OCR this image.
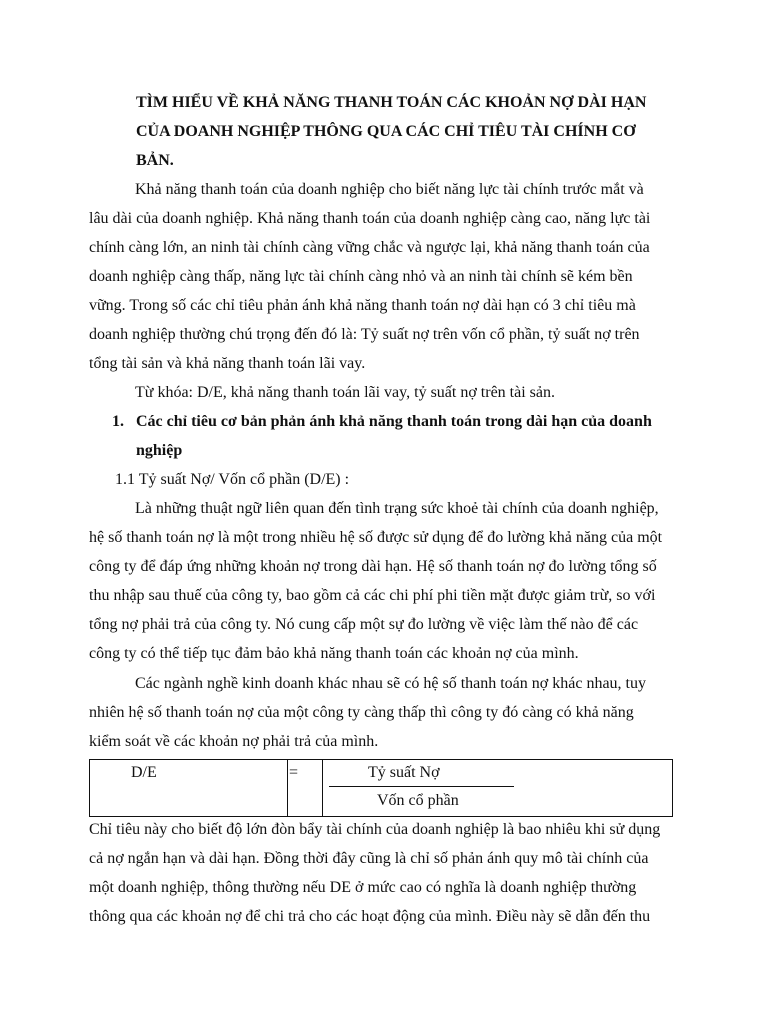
TÌM HIỂU VỀ KHẢ NĂNG THANH TOÁN CÁC KHOẢN NỢ DÀI HẠN
CỦA DOANH NGHIỆP THÔNG QUA CÁC CHỈ TIÊU TÀI CHÍNH CƠ
BẢN.
Khả năng thanh toán của doanh nghiệp cho biết năng lực tài chính trước mắt và
lâu dài của doanh nghiệp. Khả năng thanh toán của doanh nghiệp càng cao, năng lực tài
chính càng lớn, an ninh tài chính càng vững chắc và ngược lại, khả năng thanh toán của
doanh nghiệp càng thấp, năng lực tài chính càng nhỏ và an ninh tài chính sẽ kém bền
vững. Trong số các chỉ tiêu phản ánh khả năng thanh toán nợ dài hạn có 3 chỉ tiêu mà
doanh nghiệp thường chú trọng đến đó là: Tỷ suất nợ trên vốn cổ phần, tỷ suất nợ trên
tổng tài sản và khả năng thanh toán lãi vay.
Từ khóa: D/E, khả năng thanh toán lãi vay, tỷ suất nợ trên tài sản.
1. Các chỉ tiêu cơ bản phản ánh khả năng thanh toán trong dài hạn của doanh
nghiệp
1.1 Tỷ suất Nợ/ Vốn cổ phần (D/E) :
Là những thuật ngữ liên quan đến tình trạng sức khoẻ tài chính của doanh nghiệp,
hệ số thanh toán nợ là một trong nhiều hệ số được sử dụng để đo lường khả năng của một
công ty để đáp ứng những khoản nợ trong dài hạn. Hệ số thanh toán nợ đo lường tổng số
thu nhập sau thuế của công ty, bao gồm cả các chi phí phi tiền mặt được giảm trừ, so với
tổng nợ phải trả của công ty. Nó cung cấp một sự đo lường về việc làm thế nào để các
công ty có thể tiếp tục đảm bảo khả năng thanh toán các khoản nợ của mình.
Các ngành nghề kinh doanh khác nhau sẽ có hệ số thanh toán nợ khác nhau, tuy
nhiên hệ số thanh toán nợ của một công ty càng thấp thì công ty đó càng có khả năng
kiểm soát về các khoản nợ phải trả của mình.

D/E	=	Tỷ suất Nợ
Vốn cổ phần
Chỉ tiêu này cho biết độ lớn đòn bẩy tài chính của doanh nghiệp là bao nhiêu khi sử dụng
cả nợ ngắn hạn và dài hạn. Đồng thời đây cũng là chỉ số phản ánh quy mô tài chính của
một doanh nghiệp, thông thường nếu DE ở mức cao có nghĩa là doanh nghiệp thường
thông qua các khoản nợ để chi trả cho các hoạt động của mình. Điều này sẽ dẫn đến thu
